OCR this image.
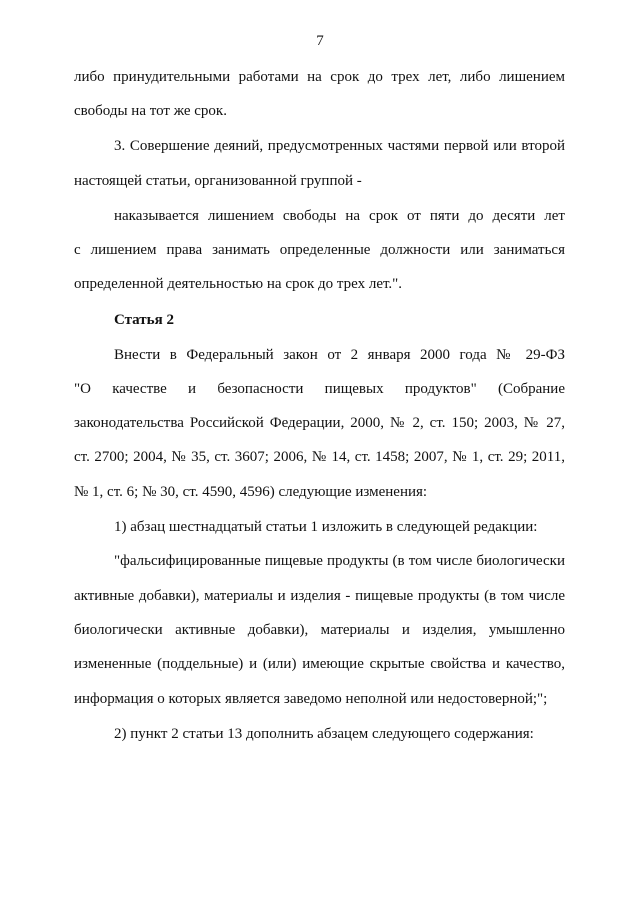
7
либо принудительными работами на срок до трех лет, либо лишением
свободы на тот же срок.
3. Совершение деяний, предусмотренных частями первой или второй
настоящей статьи, организованной группой -
наказывается лишением свободы на срок от пяти до десяти лет
с лишением права занимать определенные должности или заниматься
определенной деятельностью на срок до трех лет.".
Статья 2
Внести в Федеральный закон от 2 января 2000 года № 29-ФЗ
"О качестве и безопасности пищевых продуктов" (Собрание
законодательства Российской Федерации, 2000, № 2, ст. 150; 2003, № 27,
ст. 2700; 2004, № 35, ст. 3607; 2006, № 14, ст. 1458; 2007, № 1, ст. 29; 2011,
№ 1, ст. 6; № 30, ст. 4590, 4596) следующие изменения:
1) абзац шестнадцатый статьи 1 изложить в следующей редакции:
"фальсифицированные пищевые продукты (в том числе биологически
активные добавки), материалы и изделия - пищевые продукты (в том числе
биологически активные добавки), материалы и изделия, умышленно
измененные (поддельные) и (или) имеющие скрытые свойства и качество,
информация о которых является заведомо неполной или недостоверной;";
2) пункт 2 статьи 13 дополнить абзацем следующего содержания:
